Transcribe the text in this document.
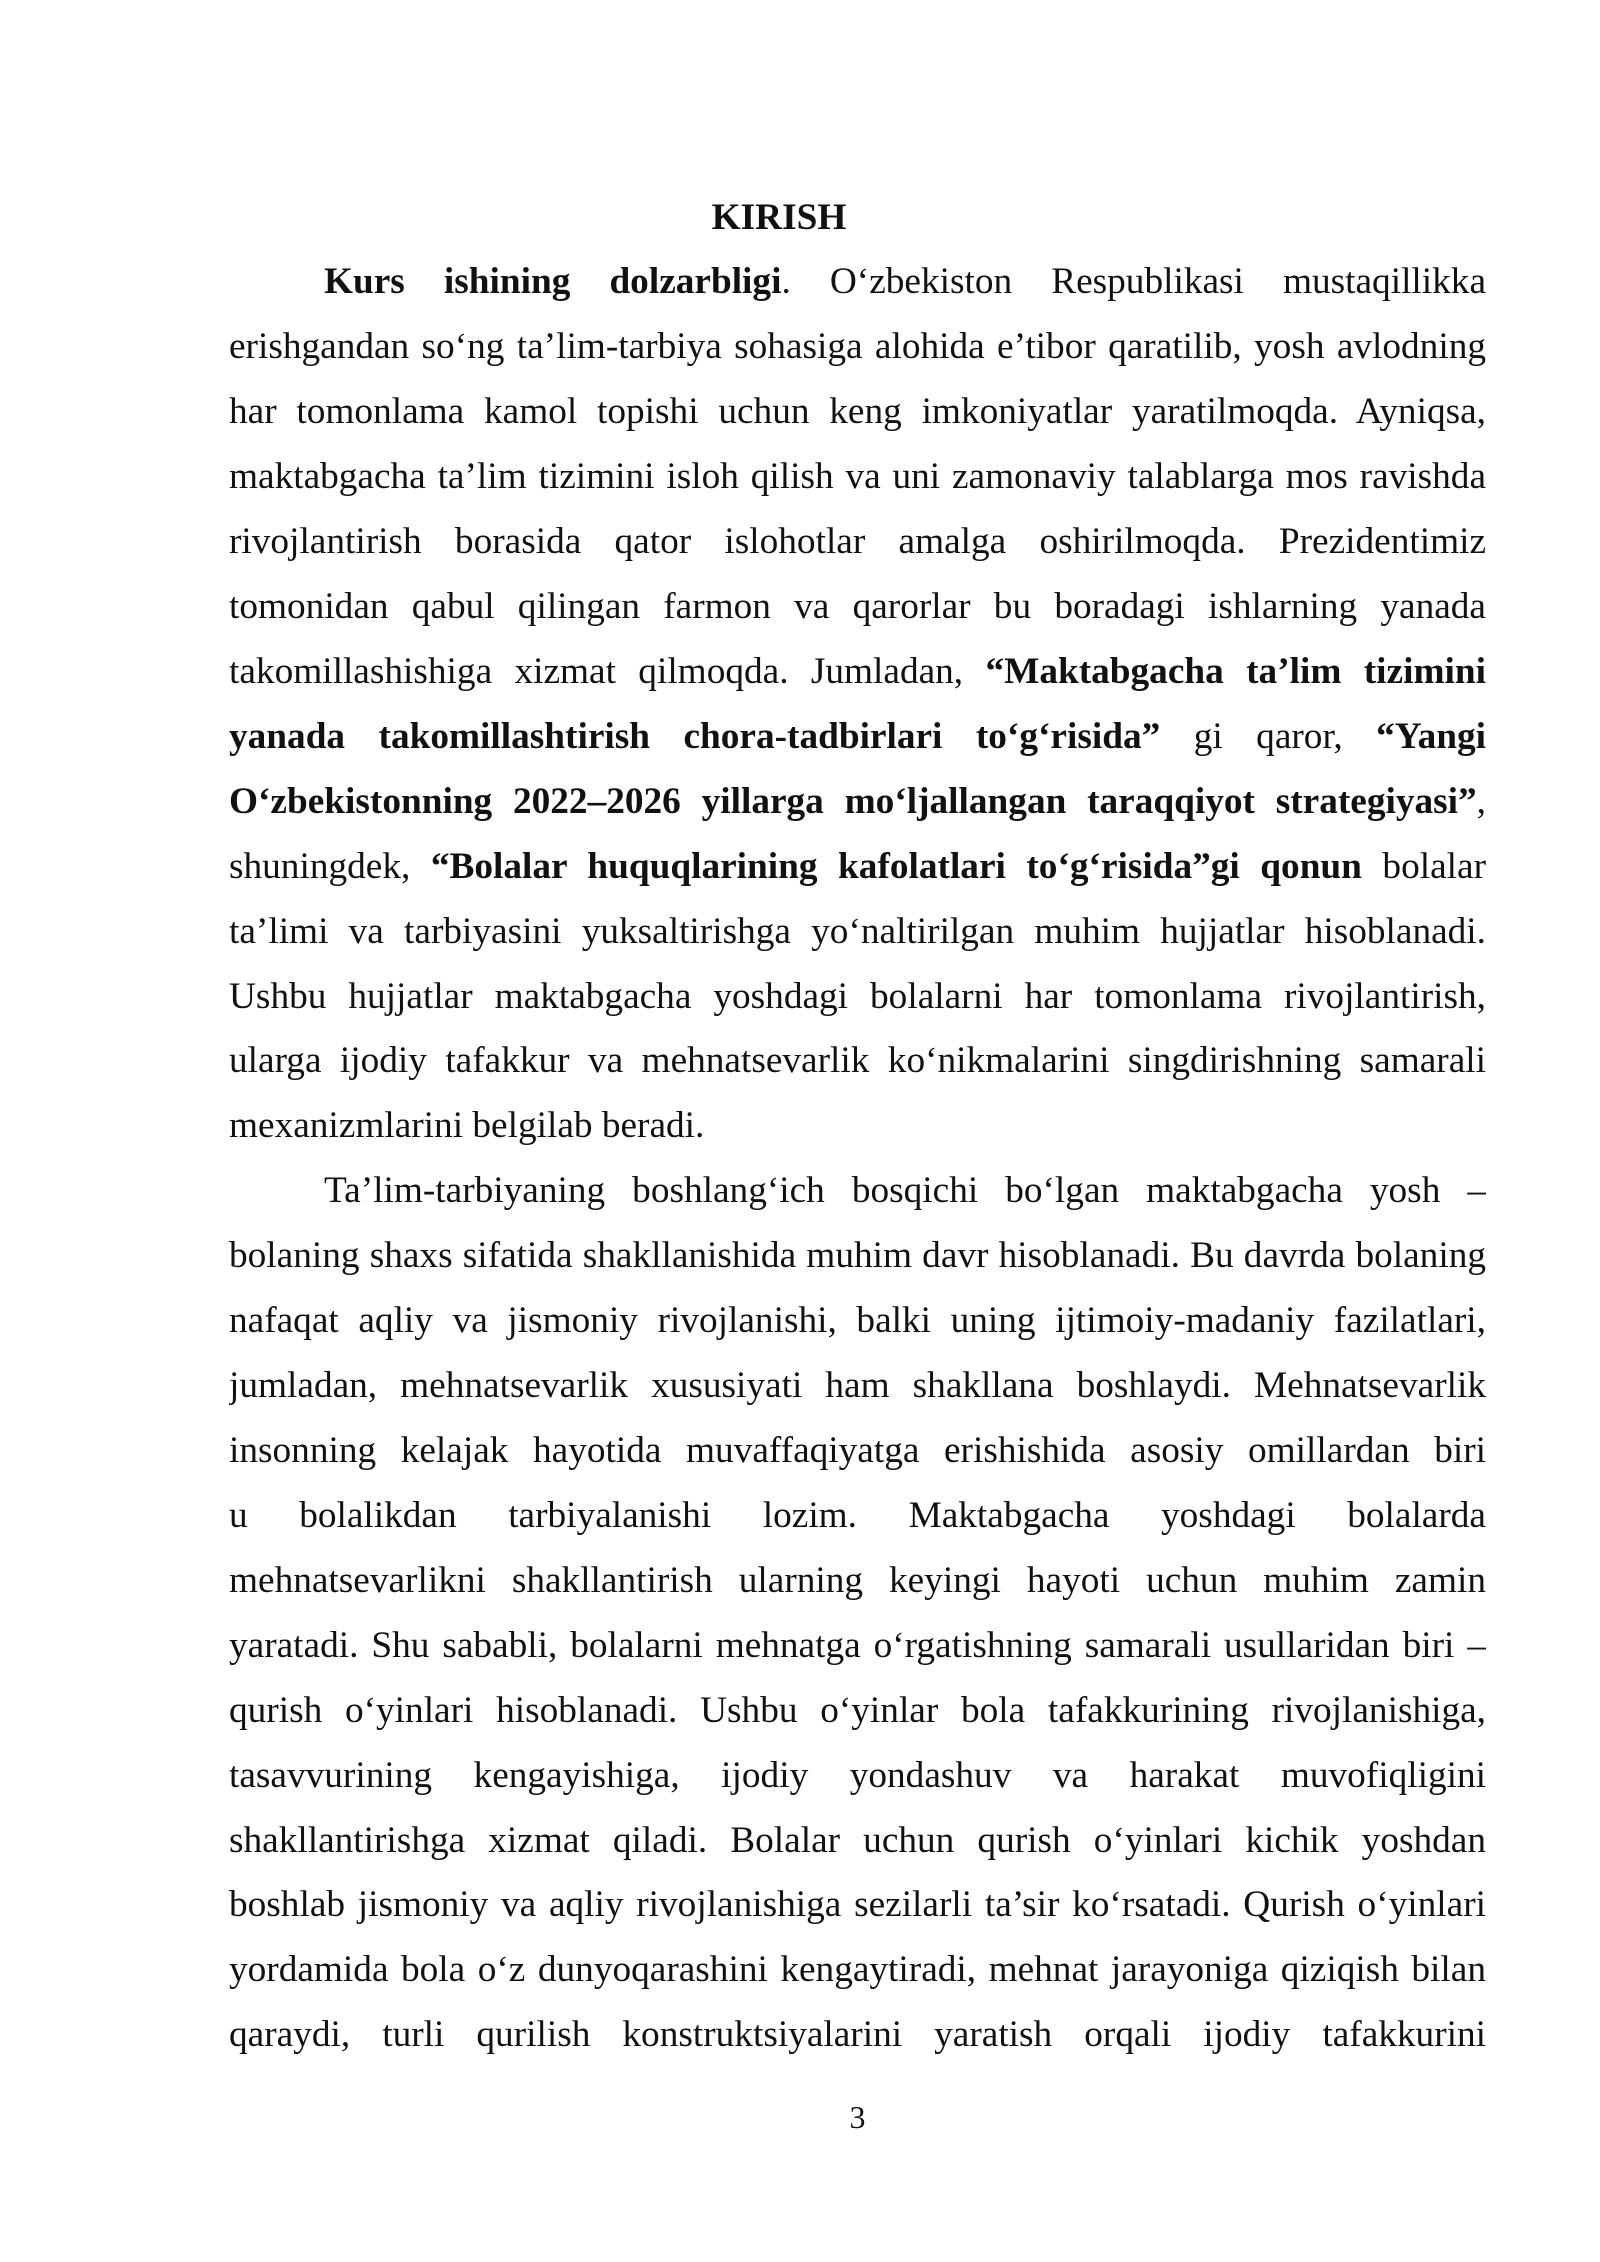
KIRISH
Kurs ishining dolzarbligi. O‘zbekiston Respublikasi mustaqillikka
erishgandan so‘ng ta’lim-tarbiya sohasiga alohida e’tibor qaratilib, yosh avlodning
har tomonlama kamol topishi uchun keng imkoniyatlar yaratilmoqda. Ayniqsa,
maktabgacha ta’lim tizimini isloh qilish va uni zamonaviy talablarga mos ravishda
rivojlantirish borasida qator islohotlar amalga oshirilmoqda. Prezidentimiz
tomonidan qabul qilingan farmon va qarorlar bu boradagi ishlarning yanada
takomillashishiga xizmat qilmoqda. Jumladan, “Maktabgacha ta’lim tizimini
yanada takomillashtirish chora-tadbirlari to‘g‘risida” gi qaror, “Yangi
O‘zbekistonning 2022–2026 yillarga mo‘ljallangan taraqqiyot strategiyasi”,
shuningdek, “Bolalar huquqlarining kafolatlari to‘g‘risida”gi qonun bolalar
ta’limi va tarbiyasini yuksaltirishga yo‘naltirilgan muhim hujjatlar hisoblanadi.
Ushbu hujjatlar maktabgacha yoshdagi bolalarni har tomonlama rivojlantirish,
ularga ijodiy tafakkur va mehnatsevarlik ko‘nikmalarini singdirishning samarali
mexanizmlarini belgilab beradi.
Ta’lim-tarbiyaning boshlang‘ich bosqichi bo‘lgan maktabgacha yosh –
bolaning shaxs sifatida shakllanishida muhim davr hisoblanadi. Bu davrda bolaning
nafaqat aqliy va jismoniy rivojlanishi, balki uning ijtimoiy-madaniy fazilatlari,
jumladan, mehnatsevarlik xususiyati ham shakllana boshlaydi. Mehnatsevarlik
insonning kelajak hayotida muvaffaqiyatga erishishida asosiy omillardan biri
u bolalikdan tarbiyalanishi lozim. Maktabgacha yoshdagi bolalarda
mehnatsevarlikni shakllantirish ularning keyingi hayoti uchun muhim zamin
yaratadi. Shu sababli, bolalarni mehnatga o‘rgatishning samarali usullaridan biri –
qurish o‘yinlari hisoblanadi. Ushbu o‘yinlar bola tafakkurining rivojlanishiga,
tasavvurining kengayishiga, ijodiy yondashuv va harakat muvofiqligini
shakllantirishga xizmat qiladi. Bolalar uchun qurish o‘yinlari kichik yoshdan
boshlab jismoniy va aqliy rivojlanishiga sezilarli ta’sir ko‘rsatadi. Qurish o‘yinlari
yordamida bola o‘z dunyoqarashini kengaytiradi, mehnat jarayoniga qiziqish bilan
qaraydi, turli qurilish konstruktsiyalarini yaratish orqali ijodiy tafakkurini
3
